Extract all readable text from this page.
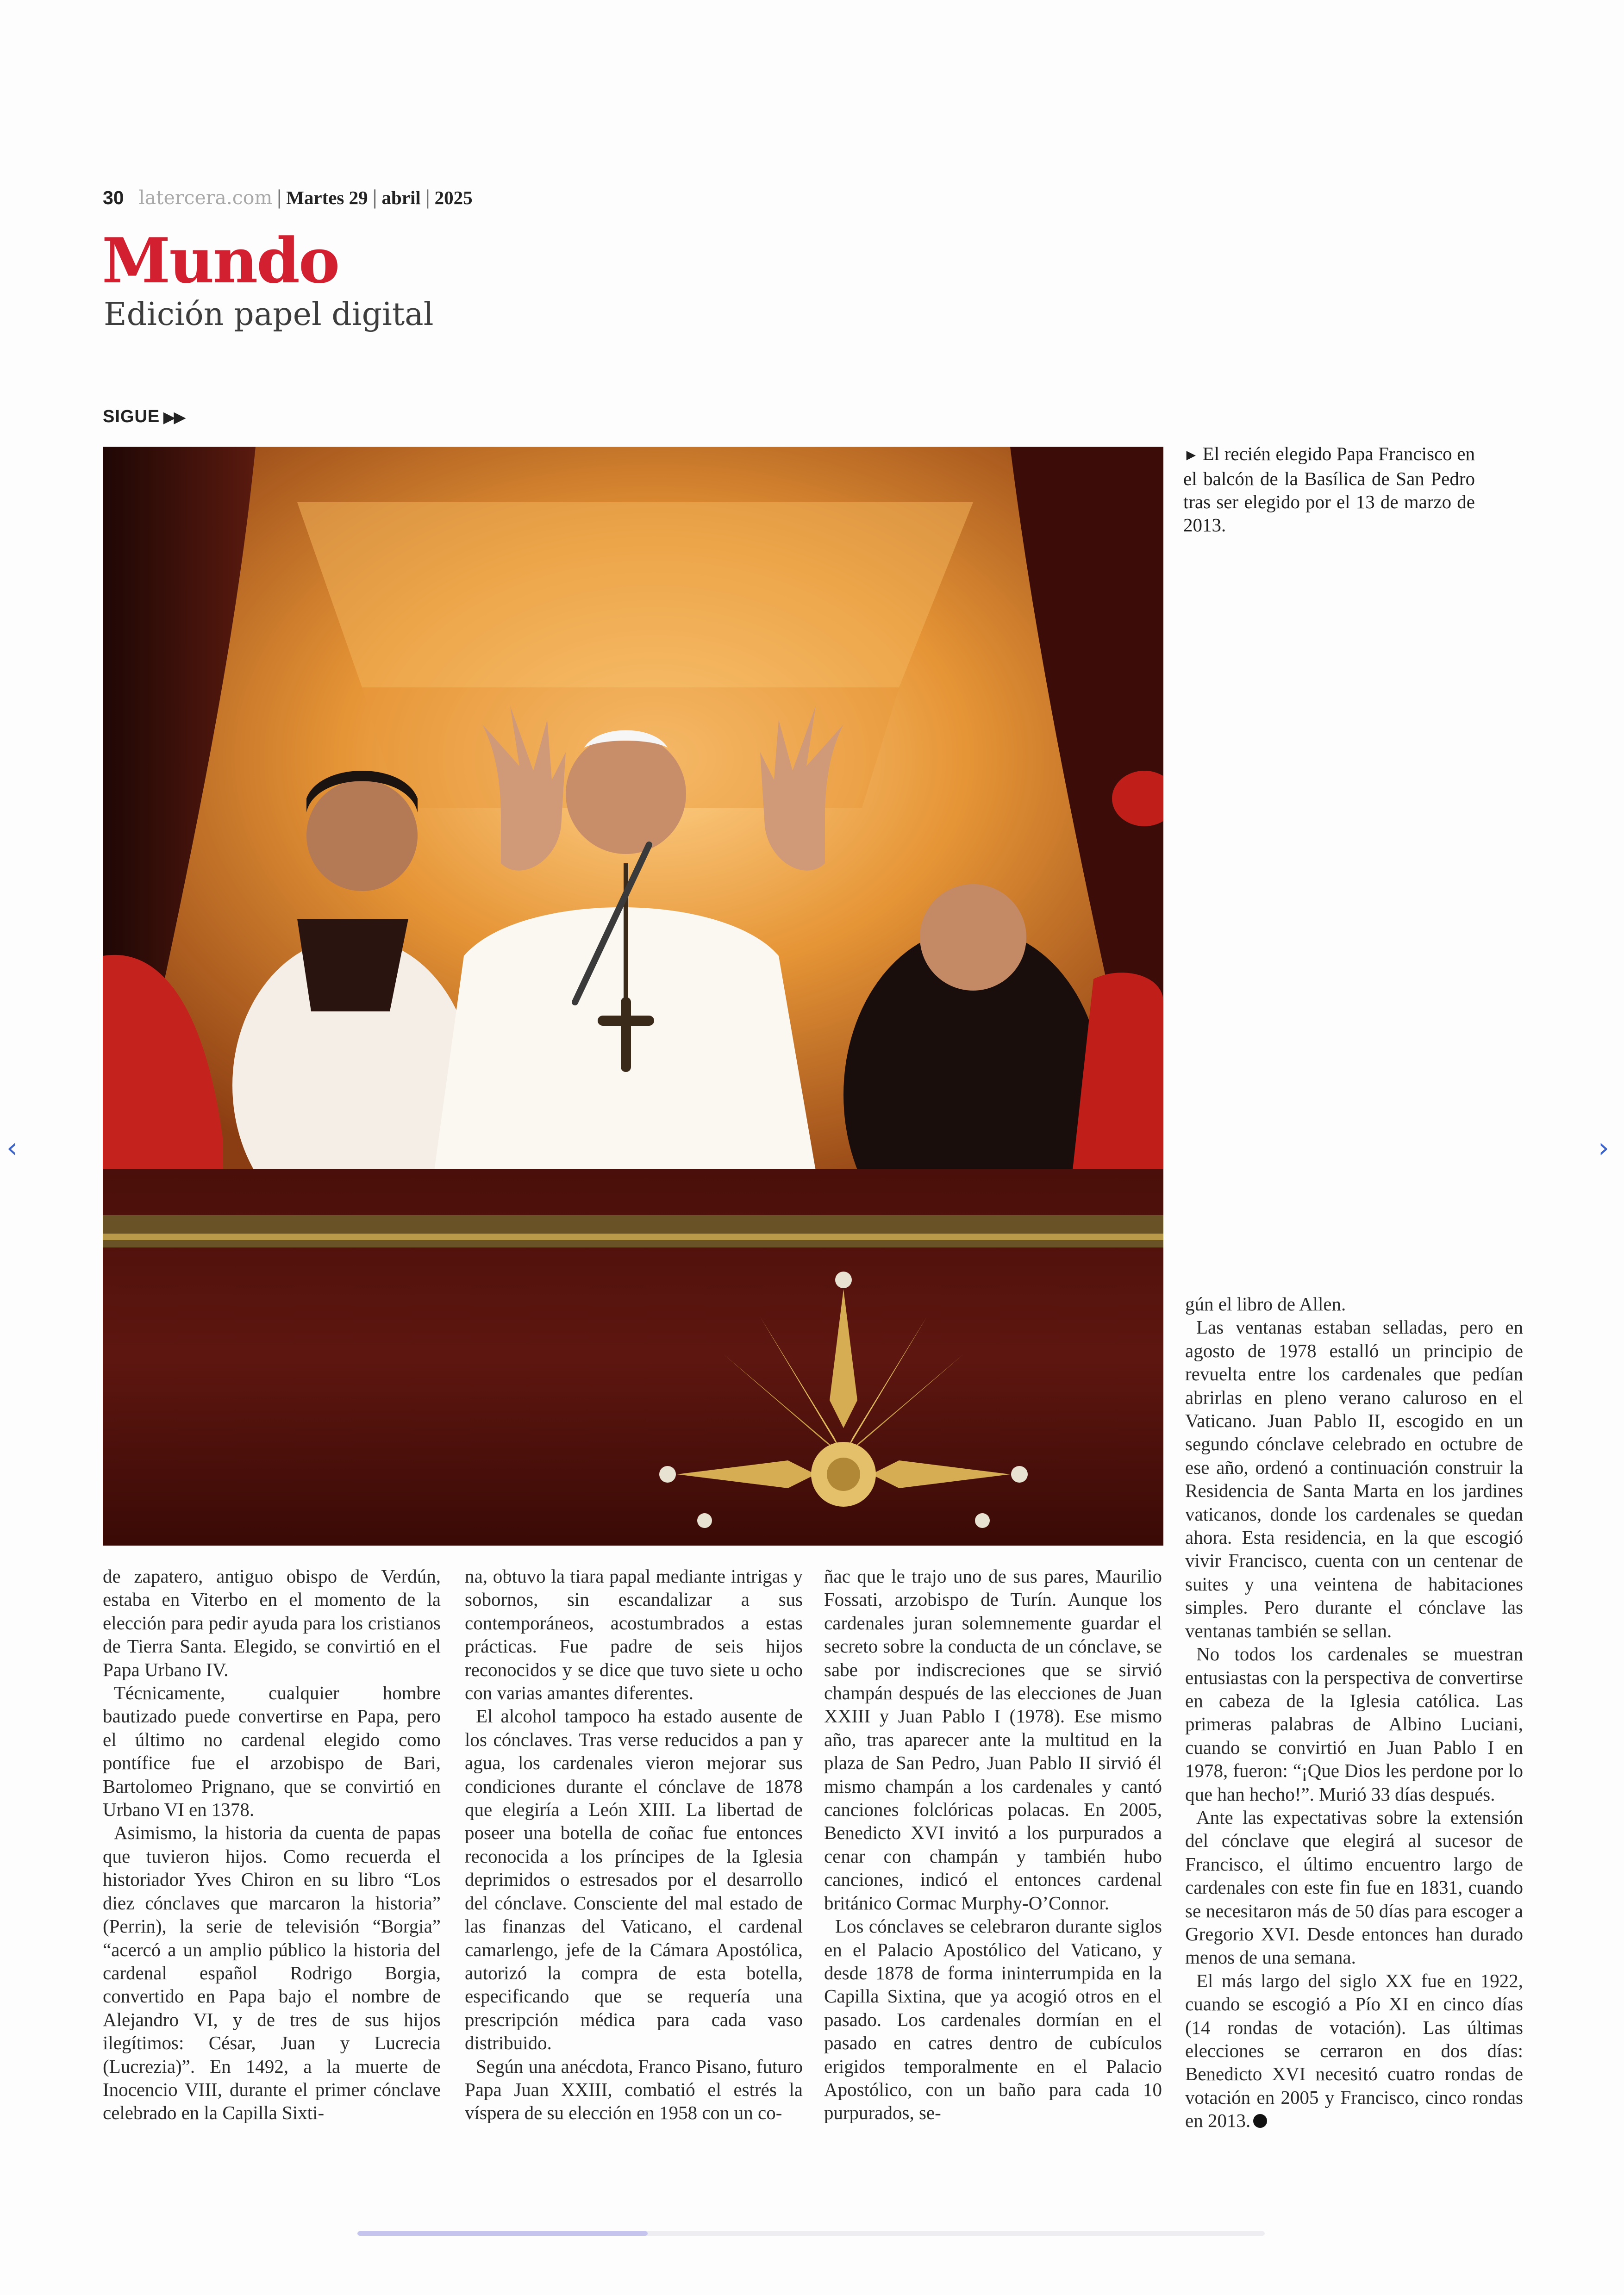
30 latercera.com | Martes 29 | abril | 2025
Mundo
Edición papel digital
SIGUE ▶▶
► El recién elegido Papa Francisco en el balcón de la Basílica de San Pedro tras ser elegido por el 13 de marzo de 2013.

de zapatero, antiguo obispo de Verdún, estaba en Viterbo en el momento de la elección para pedir ayuda para los cristianos de Tierra Santa. Elegido, se convirtió en el Papa Urbano IV.

Técnicamente, cualquier hombre bautizado puede convertirse en Papa, pero el último no cardenal elegido como pontífice fue el arzobispo de Bari, Bartolomeo Prignano, que se convirtió en Urbano VI en 1378.

Asimismo, la historia da cuenta de papas que tuvieron hijos. Como recuerda el historiador Yves Chiron en su libro “Los diez cónclaves que marcaron la historia” (Perrin), la serie de televisión “Borgia” “acercó a un amplio público la historia del cardenal español Rodrigo Borgia, convertido en Papa bajo el nombre de Alejandro VI, y de tres de sus hijos ilegítimos: César, Juan y Lucrecia (Lucrezia)”. En 1492, a la muerte de Inocencio VIII, durante el primer cónclave celebrado en la Capilla Sixti-

na, obtuvo la tiara papal mediante intrigas y sobornos, sin escandalizar a sus contemporáneos, acostumbrados a estas prácticas. Fue padre de seis hijos reconocidos y se dice que tuvo siete u ocho con varias amantes diferentes.

El alcohol tampoco ha estado ausente de los cónclaves. Tras verse reducidos a pan y agua, los cardenales vieron mejorar sus condiciones durante el cónclave de 1878 que elegiría a León XIII. La libertad de poseer una botella de coñac fue entonces reconocida a los príncipes de la Iglesia deprimidos o estresados por el desarrollo del cónclave. Consciente del mal estado de las finanzas del Vaticano, el cardenal camarlengo, jefe de la Cámara Apostólica, autorizó la compra de esta botella, especificando que se requería una prescripción médica para cada vaso distribuido.

Según una anécdota, Franco Pisano, futuro Papa Juan XXIII, combatió el estrés la víspera de su elección en 1958 con un co-

ñac que le trajo uno de sus pares, Maurilio Fossati, arzobispo de Turín. Aunque los cardenales juran solemnemente guardar el secreto sobre la conducta de un cónclave, se sabe por indiscreciones que se sirvió champán después de las elecciones de Juan XXIII y Juan Pablo I (1978). Ese mismo año, tras aparecer ante la multitud en la plaza de San Pedro, Juan Pablo II sirvió él mismo champán a los cardenales y cantó canciones folclóricas polacas. En 2005, Benedicto XVI invitó a los purpurados a cenar con champán y también hubo canciones, indicó el entonces cardenal británico Cormac Murphy-O’Connor.

Los cónclaves se celebraron durante siglos en el Palacio Apostólico del Vaticano, y desde 1878 de forma ininterrumpida en la Capilla Sixtina, que ya acogió otros en el pasado. Los cardenales dormían en el pasado en catres dentro de cubículos erigidos temporalmente en el Palacio Apostólico, con un baño para cada 10 purpurados, se-

gún el libro de Allen.

Las ventanas estaban selladas, pero en agosto de 1978 estalló un principio de revuelta entre los cardenales que pedían abrirlas en pleno verano caluroso en el Vaticano. Juan Pablo II, escogido en un segundo cónclave celebrado en octubre de ese año, ordenó a continuación construir la Residencia de Santa Marta en los jardines vaticanos, donde los cardenales se quedan ahora. Esta residencia, en la que escogió vivir Francisco, cuenta con un centenar de suites y una veintena de habitaciones simples. Pero durante el cónclave las ventanas también se sellan.

No todos los cardenales se muestran entusiastas con la perspectiva de convertirse en cabeza de la Iglesia católica. Las primeras palabras de Albino Luciani, cuando se convirtió en Juan Pablo I en 1978, fueron: “¡Que Dios les perdone por lo que han hecho!”. Murió 33 días después.

Ante las expectativas sobre la extensión del cónclave que elegirá al sucesor de Francisco, el último encuentro largo de cardenales con este fin fue en 1831, cuando se necesitaron más de 50 días para escoger a Gregorio XVI. Desde entonces han durado menos de una semana.

El más largo del siglo XX fue en 1922, cuando se escogió a Pío XI en cinco días (14 rondas de votación). Las últimas elecciones se cerraron en dos días: Benedicto XVI necesitó cuatro rondas de votación en 2005 y Francisco, cinco rondas en 2013.

‹	›
